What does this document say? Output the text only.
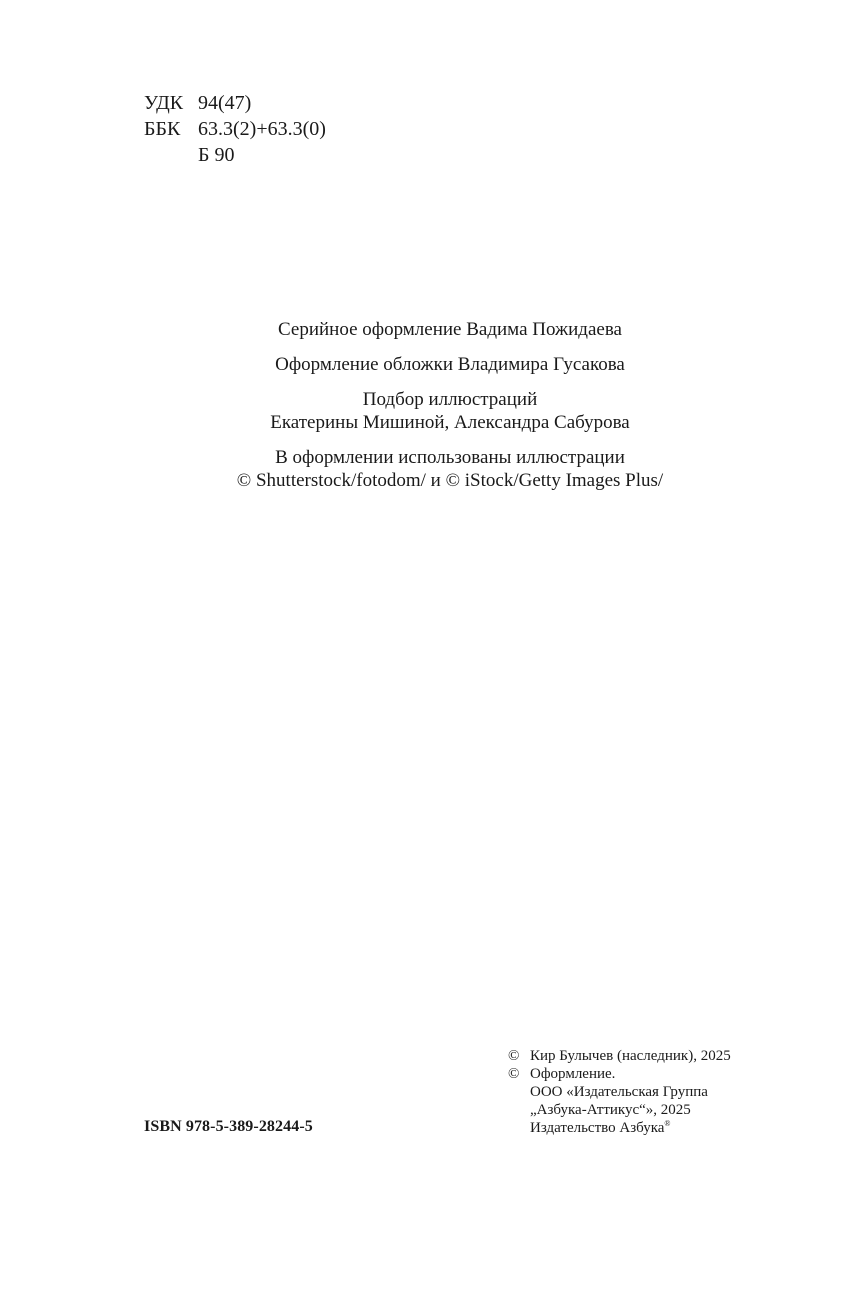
УДК 94(47)
ББК 63.3(2)+63.3(0)
Б 90

Серийное оформление Вадима Пожидаева

Оформление обложки Владимира Гусакова

Подбор иллюстраций
Екатерины Мишиной, Александра Сабурова

В оформлении использованы иллюстрации
© Shutterstock/fotodom/ и © iStock/Getty Images Plus/

ISBN 978-5-389-28244-5
© Кир Булычев (наследник), 2025
© Оформление.
ООО «Издательская Группа
„Азбука-Аттикус“», 2025
Издательство Азбука®
